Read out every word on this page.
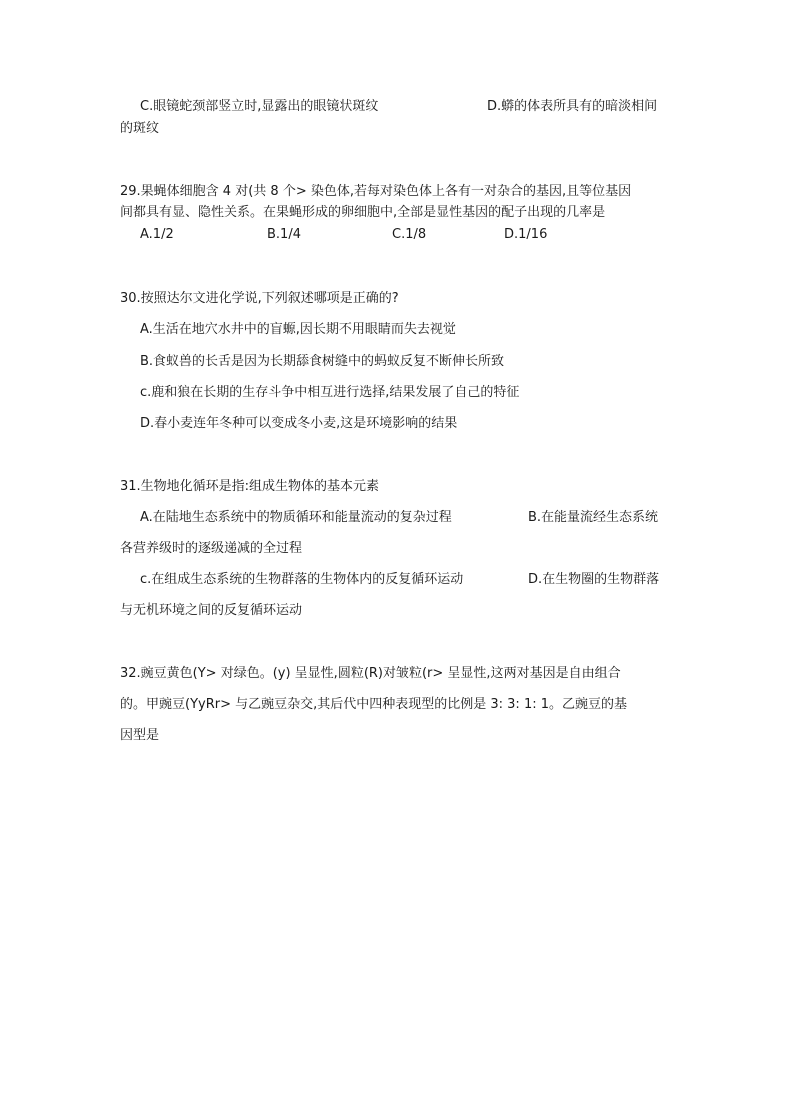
C.眼镜蛇颈部竖立时,显露出的眼镜状斑纹	D.蟒的体表所具有的暗淡相间
的斑纹
29.果蝇体细胞含 4 对(共 8 个> 染色体,若每对染色体上各有一对杂合的基因,且等位基因
间都具有显、隐性关系。在果蝇形成的卵细胞中,全部是显性基因的配子出现的几率是
A.1/2	B.1/4	C.1/8	D.1/16
30.按照达尔文进化学说,下列叙述哪项是正确的?
A.生活在地穴水井中的盲螈,因长期不用眼睛而失去视觉
B.食蚁兽的长舌是因为长期舔食树缝中的蚂蚁反复不断伸长所致
c.鹿和狼在长期的生存斗争中相互进行选择,结果发展了自己的特征
D.春小麦连年冬种可以变成冬小麦,这是环境影响的结果
31.生物地化循环是指:组成生物体的基本元素
A.在陆地生态系统中的物质循环和能量流动的复杂过程	B.在能量流经生态系统
各营养级时的逐级递减的全过程
c.在组成生态系统的生物群落的生物体内的反复循环运动	D.在生物圈的生物群落
与无机环境之间的反复循环运动
32.豌豆黄色(Y> 对绿色。(y) 呈显性,圆粒(R)对皱粒(r> 呈显性,这两对基因是自由组合
的。甲豌豆(YyRr> 与乙豌豆杂交,其后代中四种表现型的比例是 3: 3: 1: 1。乙豌豆的基
因型是
